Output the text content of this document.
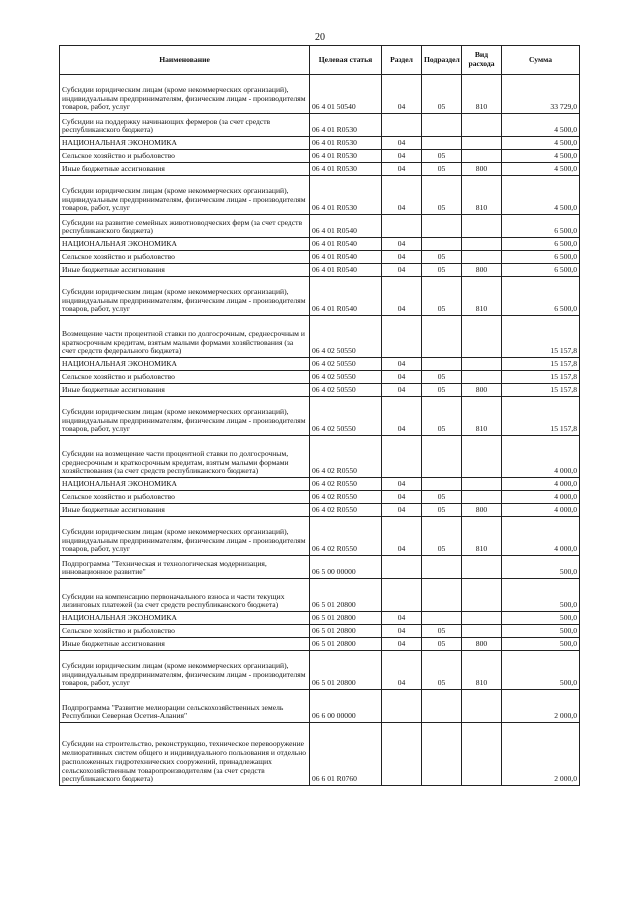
20
Наименование	Целевая статья	Раздел	Подраздел	Вид расхода	Сумма
Субсидии юридическим лицам (кроме некоммерческих организаций), индивидуальным предпринимателям, физическим лицам - производителям товаров, работ, услуг	06 4 01 50540	04	05	810	33 729,0
Субсидии на поддержку начинающих фермеров (за счет средств республиканского бюджета)	06 4 01 R0530				4 500,0
НАЦИОНАЛЬНАЯ ЭКОНОМИКА	06 4 01 R0530	04			4 500,0
Сельское хозяйство и рыболовство	06 4 01 R0530	04	05		4 500,0
Иные бюджетные ассигнования	06 4 01 R0530	04	05	800	4 500,0
Субсидии юридическим лицам (кроме некоммерческих организаций), индивидуальным предпринимателям, физическим лицам - производителям товаров, работ, услуг	06 4 01 R0530	04	05	810	4 500,0
Субсидии на развитие семейных животноводческих ферм (за счет средств республиканского бюджета)	06 4 01 R0540				6 500,0
НАЦИОНАЛЬНАЯ ЭКОНОМИКА	06 4 01 R0540	04			6 500,0
Сельское хозяйство и рыболовство	06 4 01 R0540	04	05		6 500,0
Иные бюджетные ассигнования	06 4 01 R0540	04	05	800	6 500,0
Субсидии юридическим лицам (кроме некоммерческих организаций), индивидуальным предпринимателям, физическим лицам - производителям товаров, работ, услуг	06 4 01 R0540	04	05	810	6 500,0
Возмещение части процентной ставки по долгосрочным, среднесрочным и краткосрочным кредитам, взятым малыми формами хозяйствования (за счет средств федерального бюджета)	06 4 02 50550				15 157,8
НАЦИОНАЛЬНАЯ ЭКОНОМИКА	06 4 02 50550	04			15 157,8
Сельское хозяйство и рыболовство	06 4 02 50550	04	05		15 157,8
Иные бюджетные ассигнования	06 4 02 50550	04	05	800	15 157,8
Субсидии юридическим лицам (кроме некоммерческих организаций), индивидуальным предпринимателям, физическим лицам - производителям товаров, работ, услуг	06 4 02 50550	04	05	810	15 157,8
Субсидии на возмещение части процентной ставки по долгосрочным, среднесрочным и краткосрочным кредитам, взятым малыми формами хозяйствования (за счет средств республиканского бюджета)	06 4 02 R0550				4 000,0
НАЦИОНАЛЬНАЯ ЭКОНОМИКА	06 4 02 R0550	04			4 000,0
Сельское хозяйство и рыболовство	06 4 02 R0550	04	05		4 000,0
Иные бюджетные ассигнования	06 4 02 R0550	04	05	800	4 000,0
Субсидии юридическим лицам (кроме некоммерческих организаций), индивидуальным предпринимателям, физическим лицам - производителям товаров, работ, услуг	06 4 02 R0550	04	05	810	4 000,0
Подпрограмма "Техническая и технологическая модернизация, инновационное развитие"	06 5 00 00000				500,0
Субсидии на компенсацию первоначального взноса и части текущих лизинговых платежей (за счет средств республиканского бюджета)	06 5 01 20800				500,0
НАЦИОНАЛЬНАЯ ЭКОНОМИКА	06 5 01 20800	04			500,0
Сельское хозяйство и рыболовство	06 5 01 20800	04	05		500,0
Иные бюджетные ассигнования	06 5 01 20800	04	05	800	500,0
Субсидии юридическим лицам (кроме некоммерческих организаций), индивидуальным предпринимателям, физическим лицам - производителям товаров, работ, услуг	06 5 01 20800	04	05	810	500,0
Подпрограмма "Развитие мелиорации сельскохозяйственных земель Республики Северная Осетия-Алания"	06 6 00 00000				2 000,0
Субсидии на строительство, реконструкцию, техническое перевооружение мелиоративных систем общего и индивидуального пользования и отдельно расположенных гидротехнических сооружений, принадлежащих сельскохозяйственным товаропроизводителям (за счет средств республиканского бюджета)	06 6 01 R0760				2 000,0
